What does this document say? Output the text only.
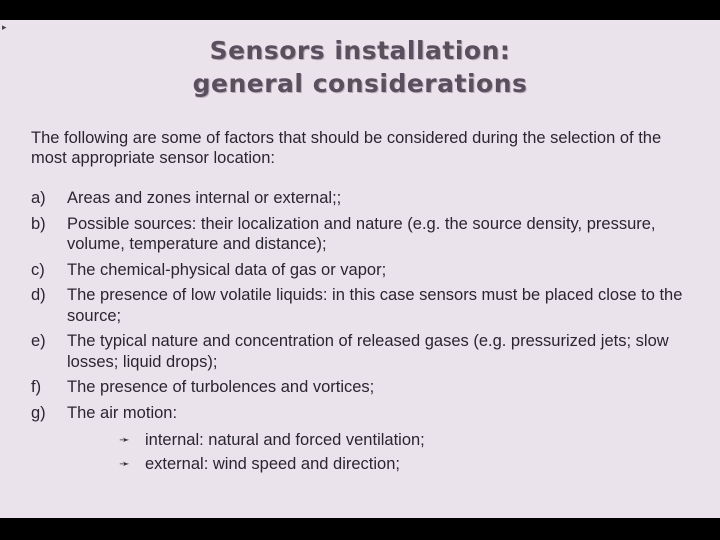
▸
Sensors installation:
general considerations
The following are some of factors that should be considered during the selection of the most appropriate sensor location:
a) Areas and zones internal or external;;
b) Possible sources: their localization and nature (e.g. the source density, pressure, volume, temperature and distance);
c) The chemical-physical data of gas or vapor;
d) The presence of low volatile liquids: in this case sensors must be placed close to the source;
e) The typical nature and concentration of released gases (e.g. pressurized jets; slow losses; liquid drops);
f) The presence of turbolences and vortices;
g) The air motion:
➛ internal: natural and forced ventilation;
➛ external: wind speed and direction;
